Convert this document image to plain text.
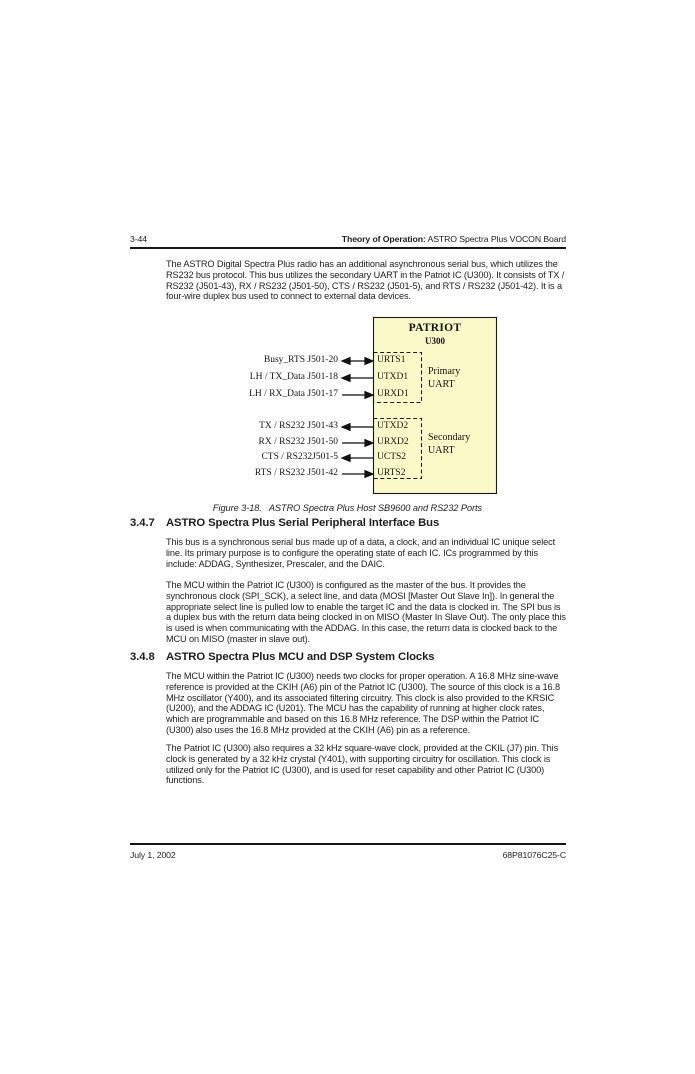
3-44	Theory of Operation: ASTRO Spectra Plus VOCON Board
The ASTRO Digital Spectra Plus radio has an additional asynchronous serial bus, which utilizes the RS232 bus protocol. This bus utilizes the secondary UART in the Patriot IC (U300). It consists of TX / RS232 (J501-43), RX / RS232 (J501-50), CTS / RS232 (J501-5), and RTS / RS232 (J501-42). It is a four-wire duplex bus used to connect to external data devices.
PATRIOT
U300
URTS1
UTXD1
URXD1
UTXD2
URXD2
UCTS2
URTS2
Primary
UART
Secondary
UART
Busy_RTS J501-20
LH / TX_Data J501-18
LH / RX_Data J501-17
TX / RS232 J501-43
RX / RS232 J501-50
CTS / RS232J501-5
RTS / RS232 J501-42
Figure 3-18. ASTRO Spectra Plus Host SB9600 and RS232 Ports
3.4.7 ASTRO Spectra Plus Serial Peripheral Interface Bus
This bus is a synchronous serial bus made up of a data, a clock, and an individual IC unique select line. Its primary purpose is to configure the operating state of each IC. ICs programmed by this include: ADDAG, Synthesizer, Prescaler, and the DAIC.
The MCU within the Patriot IC (U300) is configured as the master of the bus. It provides the synchronous clock (SPI_SCK), a select line, and data (MOSI [Master Out Slave In]). In general the appropriate select line is pulled low to enable the target IC and the data is clocked in. The SPI bus is a duplex bus with the return data being clocked in on MISO (Master In Slave Out). The only place this is used is when communicating with the ADDAG. In this case, the return data is clocked back to the MCU on MISO (master in slave out).
3.4.8 ASTRO Spectra Plus MCU and DSP System Clocks
The MCU within the Patriot IC (U300) needs two clocks for proper operation. A 16.8 MHz sine-wave reference is provided at the CKIH (A6) pin of the Patriot IC (U300). The source of this clock is a 16.8 MHz oscillator (Y400), and its associated filtering circuitry. This clock is also provided to the KRSIC (U200), and the ADDAG IC (U201). The MCU has the capability of running at higher clock rates, which are programmable and based on this 16.8 MHz reference. The DSP within the Patriot IC (U300) also uses the 16.8 MHz provided at the CKIH (A6) pin as a reference.
The Patriot IC (U300) also requires a 32 kHz square-wave clock, provided at the CKIL (J7) pin. This clock is generated by a 32 kHz crystal (Y401), with supporting circuitry for oscillation. This clock is utilized only for the Patriot IC (U300), and is used for reset capability and other Patriot IC (U300) functions.
July 1, 2002	68P81076C25-C
